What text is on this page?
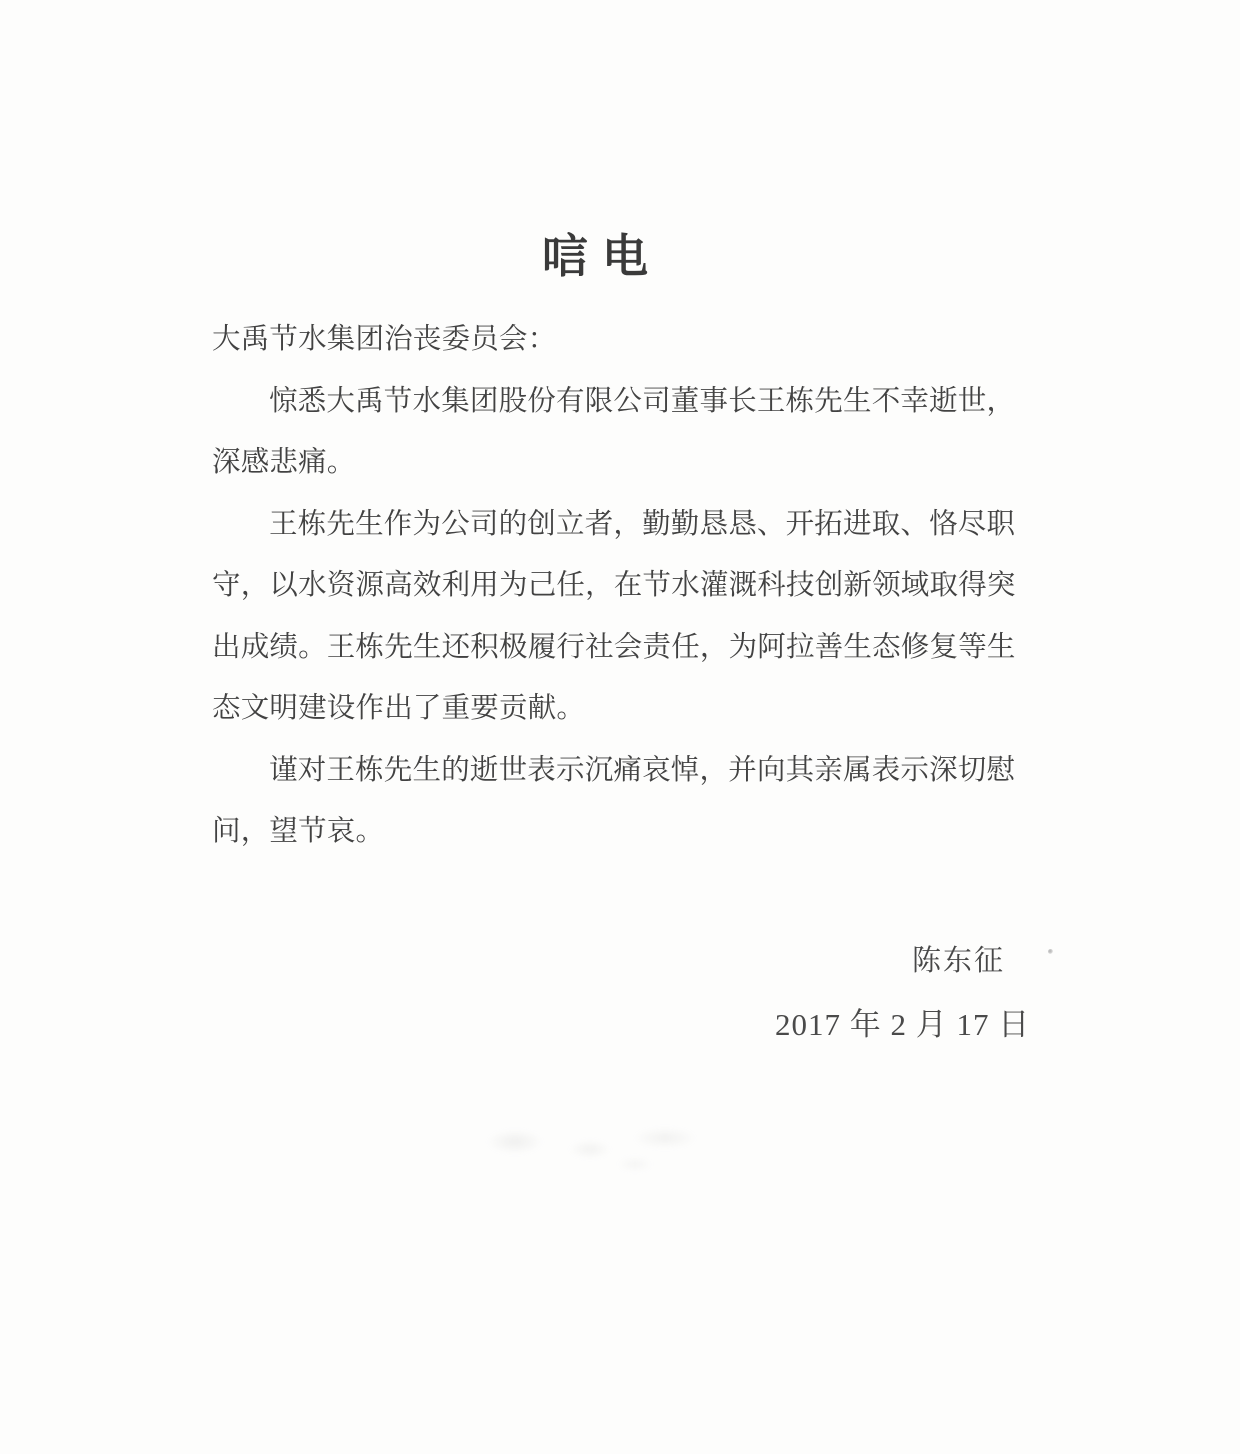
唁电
大禹节水集团治丧委员会：
惊悉大禹节水集团股份有限公司董事长王栋先生不幸逝世，
深感悲痛。
王栋先生作为公司的创立者，勤勤恳恳、开拓进取、恪尽职
守，以水资源高效利用为己任，在节水灌溉科技创新领域取得突
出成绩。王栋先生还积极履行社会责任，为阿拉善生态修复等生
态文明建设作出了重要贡献。
谨对王栋先生的逝世表示沉痛哀悼，并向其亲属表示深切慰
问，望节哀。
陈东征
2017 年 2 月 17 日
